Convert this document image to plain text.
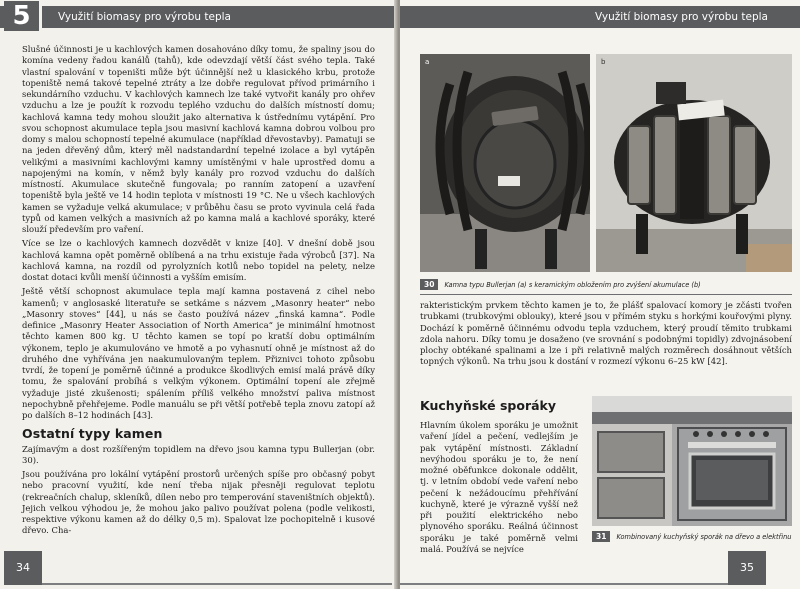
Využití biomasy pro výrobu tepla
5

Slušné účinnosti je u kachlových kamen dosahováno díky tomu, že spaliny jsou do komína vedeny řadou kanálů (tahů), kde odevzdají větší část svého tepla. Také vlastní spalování v topeništi může být účinnější než u klasického krbu, protože topeniště nemá takové tepelné ztráty a lze dobře regulovat přívod primárního i sekundárního vzduchu. V kachlových kamnech lze také vytvořit kanály pro ohřev vzduchu a lze je použít k rozvodu teplého vzduchu do dalších místností domu; kachlová kamna tedy mohou sloužit jako alternativa k ústřednímu vytápění. Pro svou schopnost akumulace tepla jsou masivní kachlová kamna dobrou volbou pro domy s malou schopností tepelné akumulace (například dřevostavby). Pamatuji se na jeden dřevěný dům, který měl nadstandardní tepelné izolace a byl vytápěn velikými a masivními kachlovými kamny umístěnými v hale uprostřed domu a napojenými na komín, v němž byly kanály pro rozvod vzduchu do dalších místností. Akumulace skutečně fungovala; po ranním zatopení a uzavření topeniště byla ještě ve 14 hodin teplota v místnosti 19 °C. Ne u všech kachlových kamen se vyžaduje velká akumulace; v průběhu času se proto vyvinula celá řada typů od kamen velkých a masivních až po kamna malá a kachlové sporáky, které slouží především pro vaření.

Více se lze o kachlových kamnech dozvědět v knize [40]. V dnešní době jsou kachlová kamna opět poměrně oblíbená a na trhu existuje řada výrobců [37]. Na kachlová kamna, na rozdíl od pyrolyzních kotlů nebo topidel na pelety, nelze dostat dotaci kvůli menší účinnosti a vyšším emisím.

Ještě větší schopnost akumulace tepla mají kamna postavená z cihel nebo kamenů; v anglosaské literatuře se setkáme s názvem „Masonry heater“ nebo „Masonry stoves“ [44], u nás se často používá název „finská kamna“. Podle definice „Masonry Heater Association of North America“ je minimální hmotnost těchto kamen 800 kg. U těchto kamen se topí po kratší dobu optimálním výkonem, teplo je akumulováno ve hmotě a po vyhasnutí ohně je místnost až do druhého dne vyhřívána jen naakumulovaným teplem. Přiznivci tohoto způsobu tvrdí, že topení je poměrně účinné a produkce škodlivých emisí malá právě díky tomu, že spalování probíhá s velkým výkonem. Optimální topení ale zřejmě vyžaduje jisté zkušenosti; spálením příliš velkého množství paliva místnost nepochybně přehřejeme. Podle manuálu se při větší potřebě tepla znovu zatopí až po dalších 8–12 hodinách [43].

Ostatní typy kamen

Zajímavým a dost rozšířeným topidlem na dřevo jsou kamna typu Bullerjan (obr. 30).

Jsou používána pro lokální vytápění prostorů určených spíše pro občasný pobyt nebo pracovní využití, kde není třeba nijak přesněji regulovat teplotu (rekreačních chalup, skleníků, dílen nebo pro temperování staveništních objektů). Jejich velkou výhodou je, že mohou jako palivo používat polena (podle velikosti, respektive výkonu kamen až do délky 0,5 m). Spalovat lze pochopitelně i kusové dřevo. Cha-

34
Využití biomasy pro výrobu tepla
a	b
30 Kamna typu Bullerjan (a) s keramickým obložením pro zvýšení akumulace (b)

rakteristickým prvkem těchto kamen je to, že plášť spalovací komory je zčásti tvořen trubkami (trubkovými oblouky), které jsou v přímém styku s horkými kouřovými plyny. Dochází k poměrně účinnému odvodu tepla vzduchem, který proudí těmito trubkami zdola nahoru. Díky tomu je dosaženo (ve srovnání s podobnými topidly) zdvojnásobení plochy obtékané spalinami a lze i při relativně malých rozměrech dosáhnout větších topných výkonů. Na trhu jsou k dostání v rozmezí výkonu 6–25 kW [42].

Kuchyňské sporáky

Hlavním úkolem sporáku je umožnit vaření jídel a pečení, vedlejším je pak vytápění místnosti. Základní nevýhodou sporáku je to, že není možné oběfunkce dokonale oddělit, tj. v letním období vede vaření nebo pečení k nežádoucímu přehřívání kuchyně, které je výrazně vyšší než při použití elektrického nebo plynového sporáku. Reálná účinnost sporáku je také poměrně velmi malá. Používá se nejvíce

31 Kombinovaný kuchyňský sporák na dřevo a elektřinu
35
